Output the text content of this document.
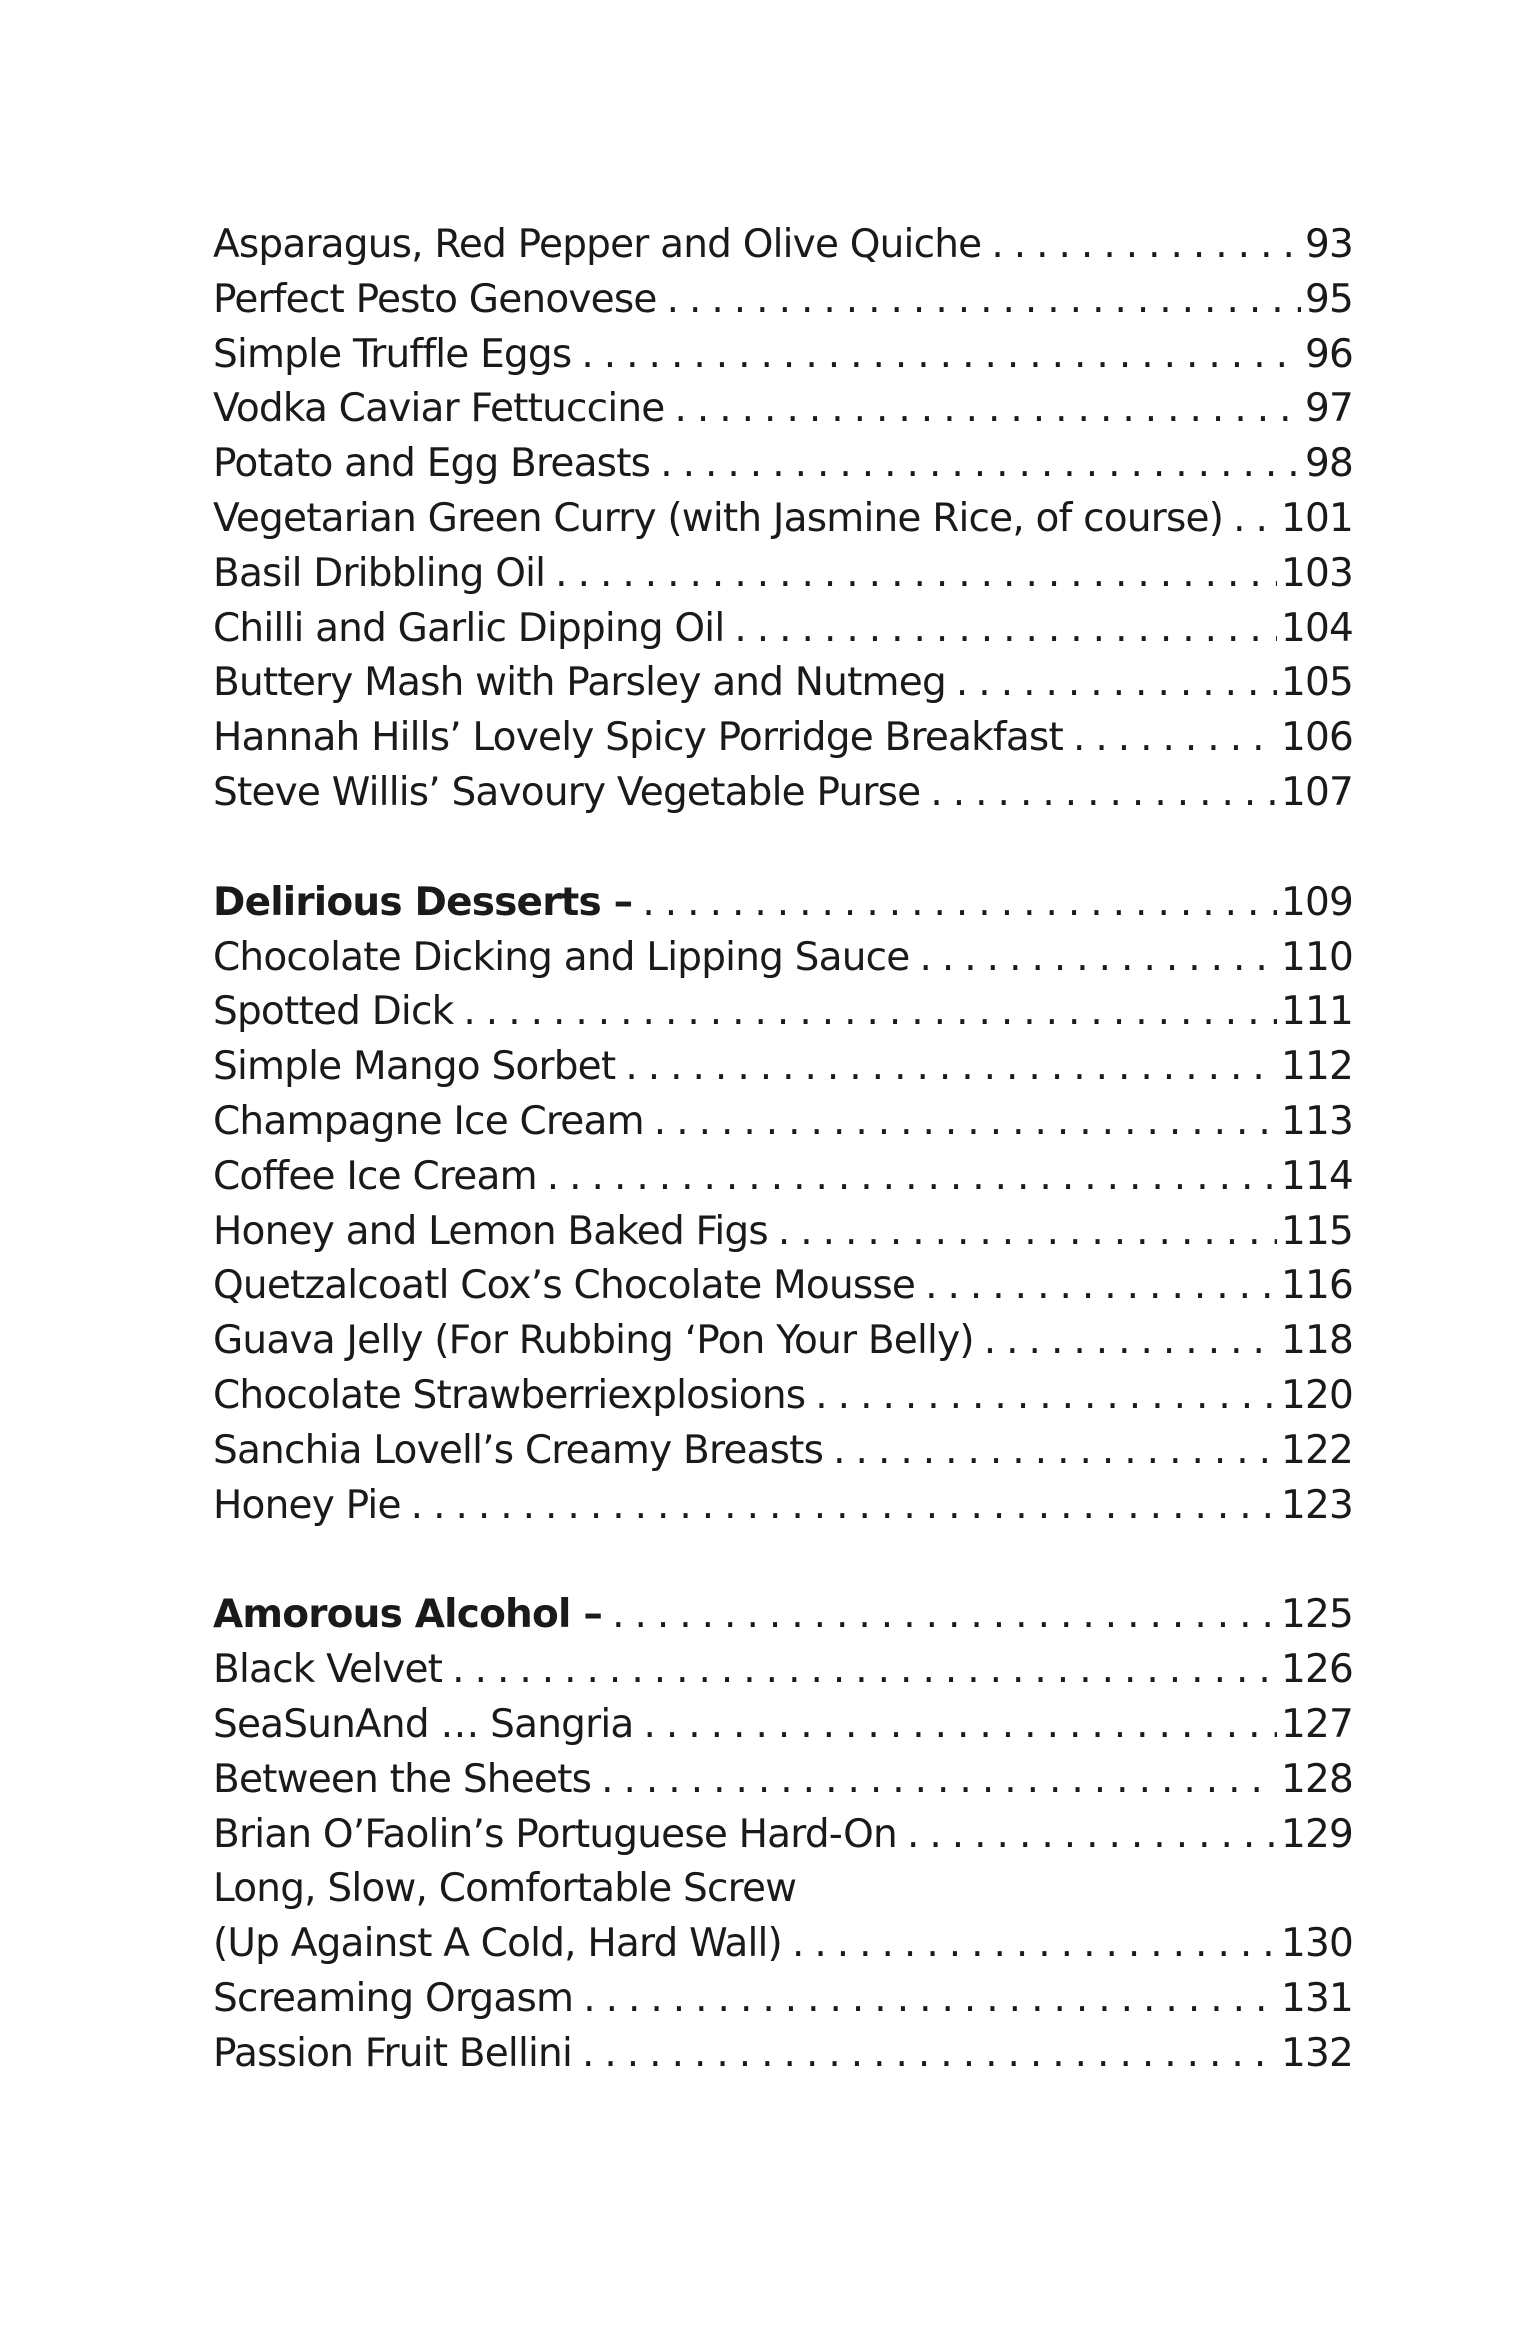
Asparagus, Red Pepper and Olive Quiche . . .	93
Perfect Pesto Genovese . . .	95
Simple Truffle Eggs . . .	96
Vodka Caviar Fettuccine . . .	97
Potato and Egg Breasts . . .	98
Vegetarian Green Curry (with Jasmine Rice, of course) . . . 101
Basil Dribbling Oil . . .	103
Chilli and Garlic Dipping Oil . . .	104
Buttery Mash with Parsley and Nutmeg . . .	105
Hannah Hills’ Lovely Spicy Porridge Breakfast . . .	106
Steve Willis’ Savoury Vegetable Purse . . .	107
Delirious Desserts – . . .	109
Chocolate Dicking and Lipping Sauce . . .	110
Spotted Dick . . .	111
Simple Mango Sorbet . . .	112
Champagne Ice Cream . . .	113
Coffee Ice Cream . . .	114
Honey and Lemon Baked Figs . . .	115
Quetzalcoatl Cox’s Chocolate Mousse . . .	116
Guava Jelly (For Rubbing ‘Pon Your Belly) . . .	118
Chocolate Strawberriexplosions . . .	120
Sanchia Lovell’s Creamy Breasts . . .	122
Honey Pie . . .	123
Amorous Alcohol – . . .	125
Black Velvet . . .	126
SeaSunAnd … Sangria . . .	127
Between the Sheets . . .	128
Brian O’Faolin’s Portuguese Hard-On . . .	129
Long, Slow, Comfortable Screw
(Up Against A Cold, Hard Wall) . . .	130
Screaming Orgasm . . .	131
Passion Fruit Bellini . . .	132
